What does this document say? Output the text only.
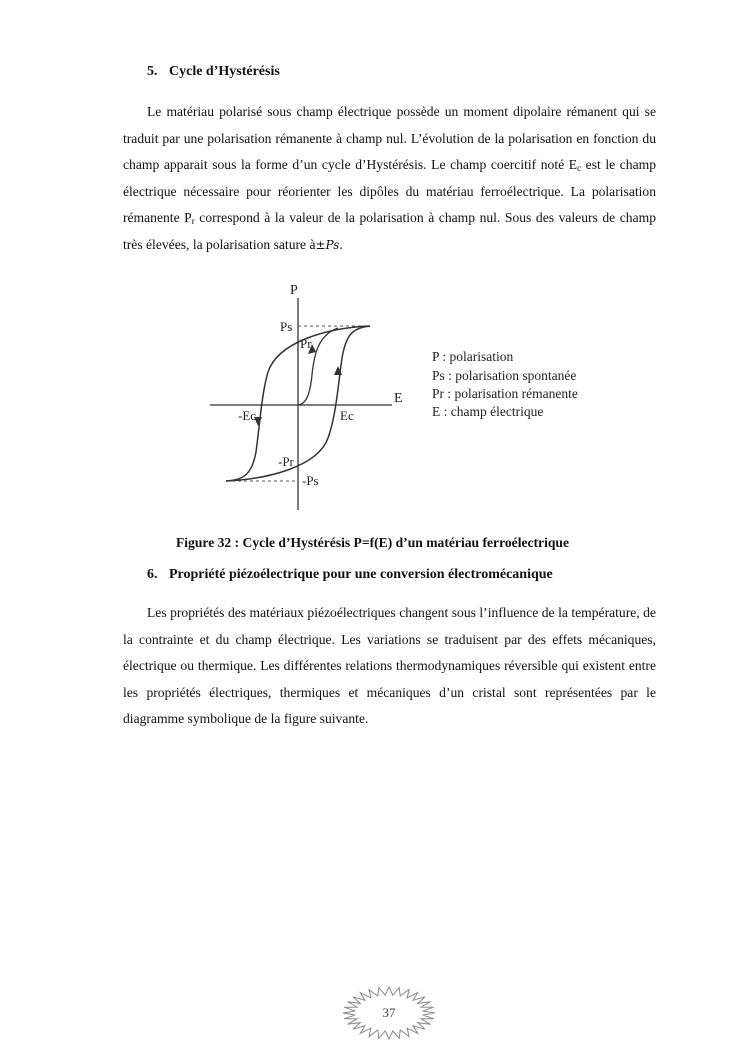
5. Cycle d’Hystérésis

Le matériau polarisé sous champ électrique possède un moment dipolaire rémanent qui se traduit par une polarisation rémanente à champ nul. L’évolution de la polarisation en fonction du champ apparait sous la forme d’un cycle d’Hystérésis. Le champ coercitif noté $E_c$ est le champ électrique nécessaire pour réorienter les dipôles du matériau ferroélectrique. La polarisation rémanente $P_r$ correspond à la valeur de la polarisation à champ nul. Sous des valeurs de champ très élevées, la polarisation sature à±Ps.

P
E
Ps
Pr
-Ec	Ec
-Pr
-Ps
P : polarisation
Ps : polarisation spontanée
Pr : polarisation rémanente
E : champ électrique
Figure 32 : Cycle d’Hystérésis P=f(E) d’un matériau ferroélectrique
6. Propriété piézoélectrique pour une conversion électromécanique

Les propriétés des matériaux piézoélectriques changent sous l’influence de la température, de la contrainte et du champ électrique. Les variations se traduisent par des effets mécaniques, électrique ou thermique. Les différentes relations thermodynamiques réversible qui existent entre les propriétés électriques, thermiques et mécaniques d’un cristal sont représentées par le diagramme symbolique de la figure suivante.

37
